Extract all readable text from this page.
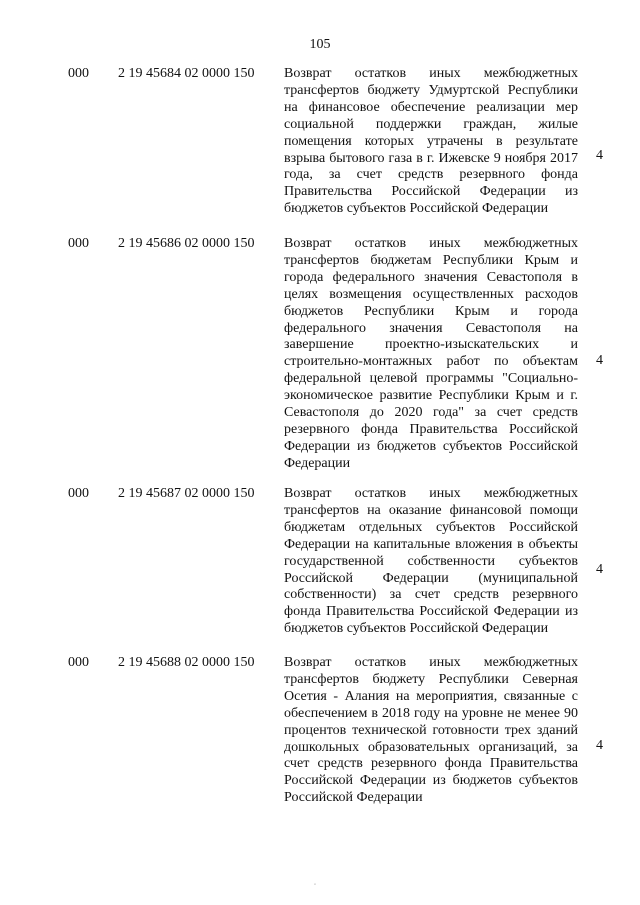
105
000 2 19 45684 02 0000 150 Возврат остатков иных межбюджетных трансфертов бюджету Удмуртской Республики на финансовое обеспечение реализации мер социальной поддержки граждан, жилые помещения которых утрачены в результате взрыва бытового газа в г. Ижевске 9 ноября 2017 года, за счет средств резервного фонда Правительства Российской Федерации из бюджетов субъектов Российской Федерации
4
000 2 19 45686 02 0000 150 Возврат остатков иных межбюджетных трансфертов бюджетам Республики Крым и города федерального значения Севастополя в целях возмещения осуществленных расходов бюджетов Республики Крым и города федерального значения Севастополя на завершение проектно-изыскательских и строительно-монтажных работ по объектам федеральной целевой программы "Социально-экономическое развитие Республики Крым и г. Севастополя до 2020 года" за счет средств резервного фонда Правительства Российской Федерации из бюджетов субъектов Российской Федерации
4
000 2 19 45687 02 0000 150 Возврат остатков иных межбюджетных трансфертов на оказание финансовой помощи бюджетам отдельных субъектов Российской Федерации на капитальные вложения в объекты государственной собственности субъектов Российской Федерации (муниципальной собственности) за счет средств резервного фонда Правительства Российской Федерации из бюджетов субъектов Российской Федерации
4
000 2 19 45688 02 0000 150 Возврат остатков иных межбюджетных трансфертов бюджету Республики Северная Осетия - Алания на мероприятия, связанные с обеспечением в 2018 году на уровне не менее 90 процентов технической готовности трех зданий дошкольных образовательных организаций, за счет средств резервного фонда Правительства Российской Федерации из бюджетов субъектов Российской Федерации
4
◦
